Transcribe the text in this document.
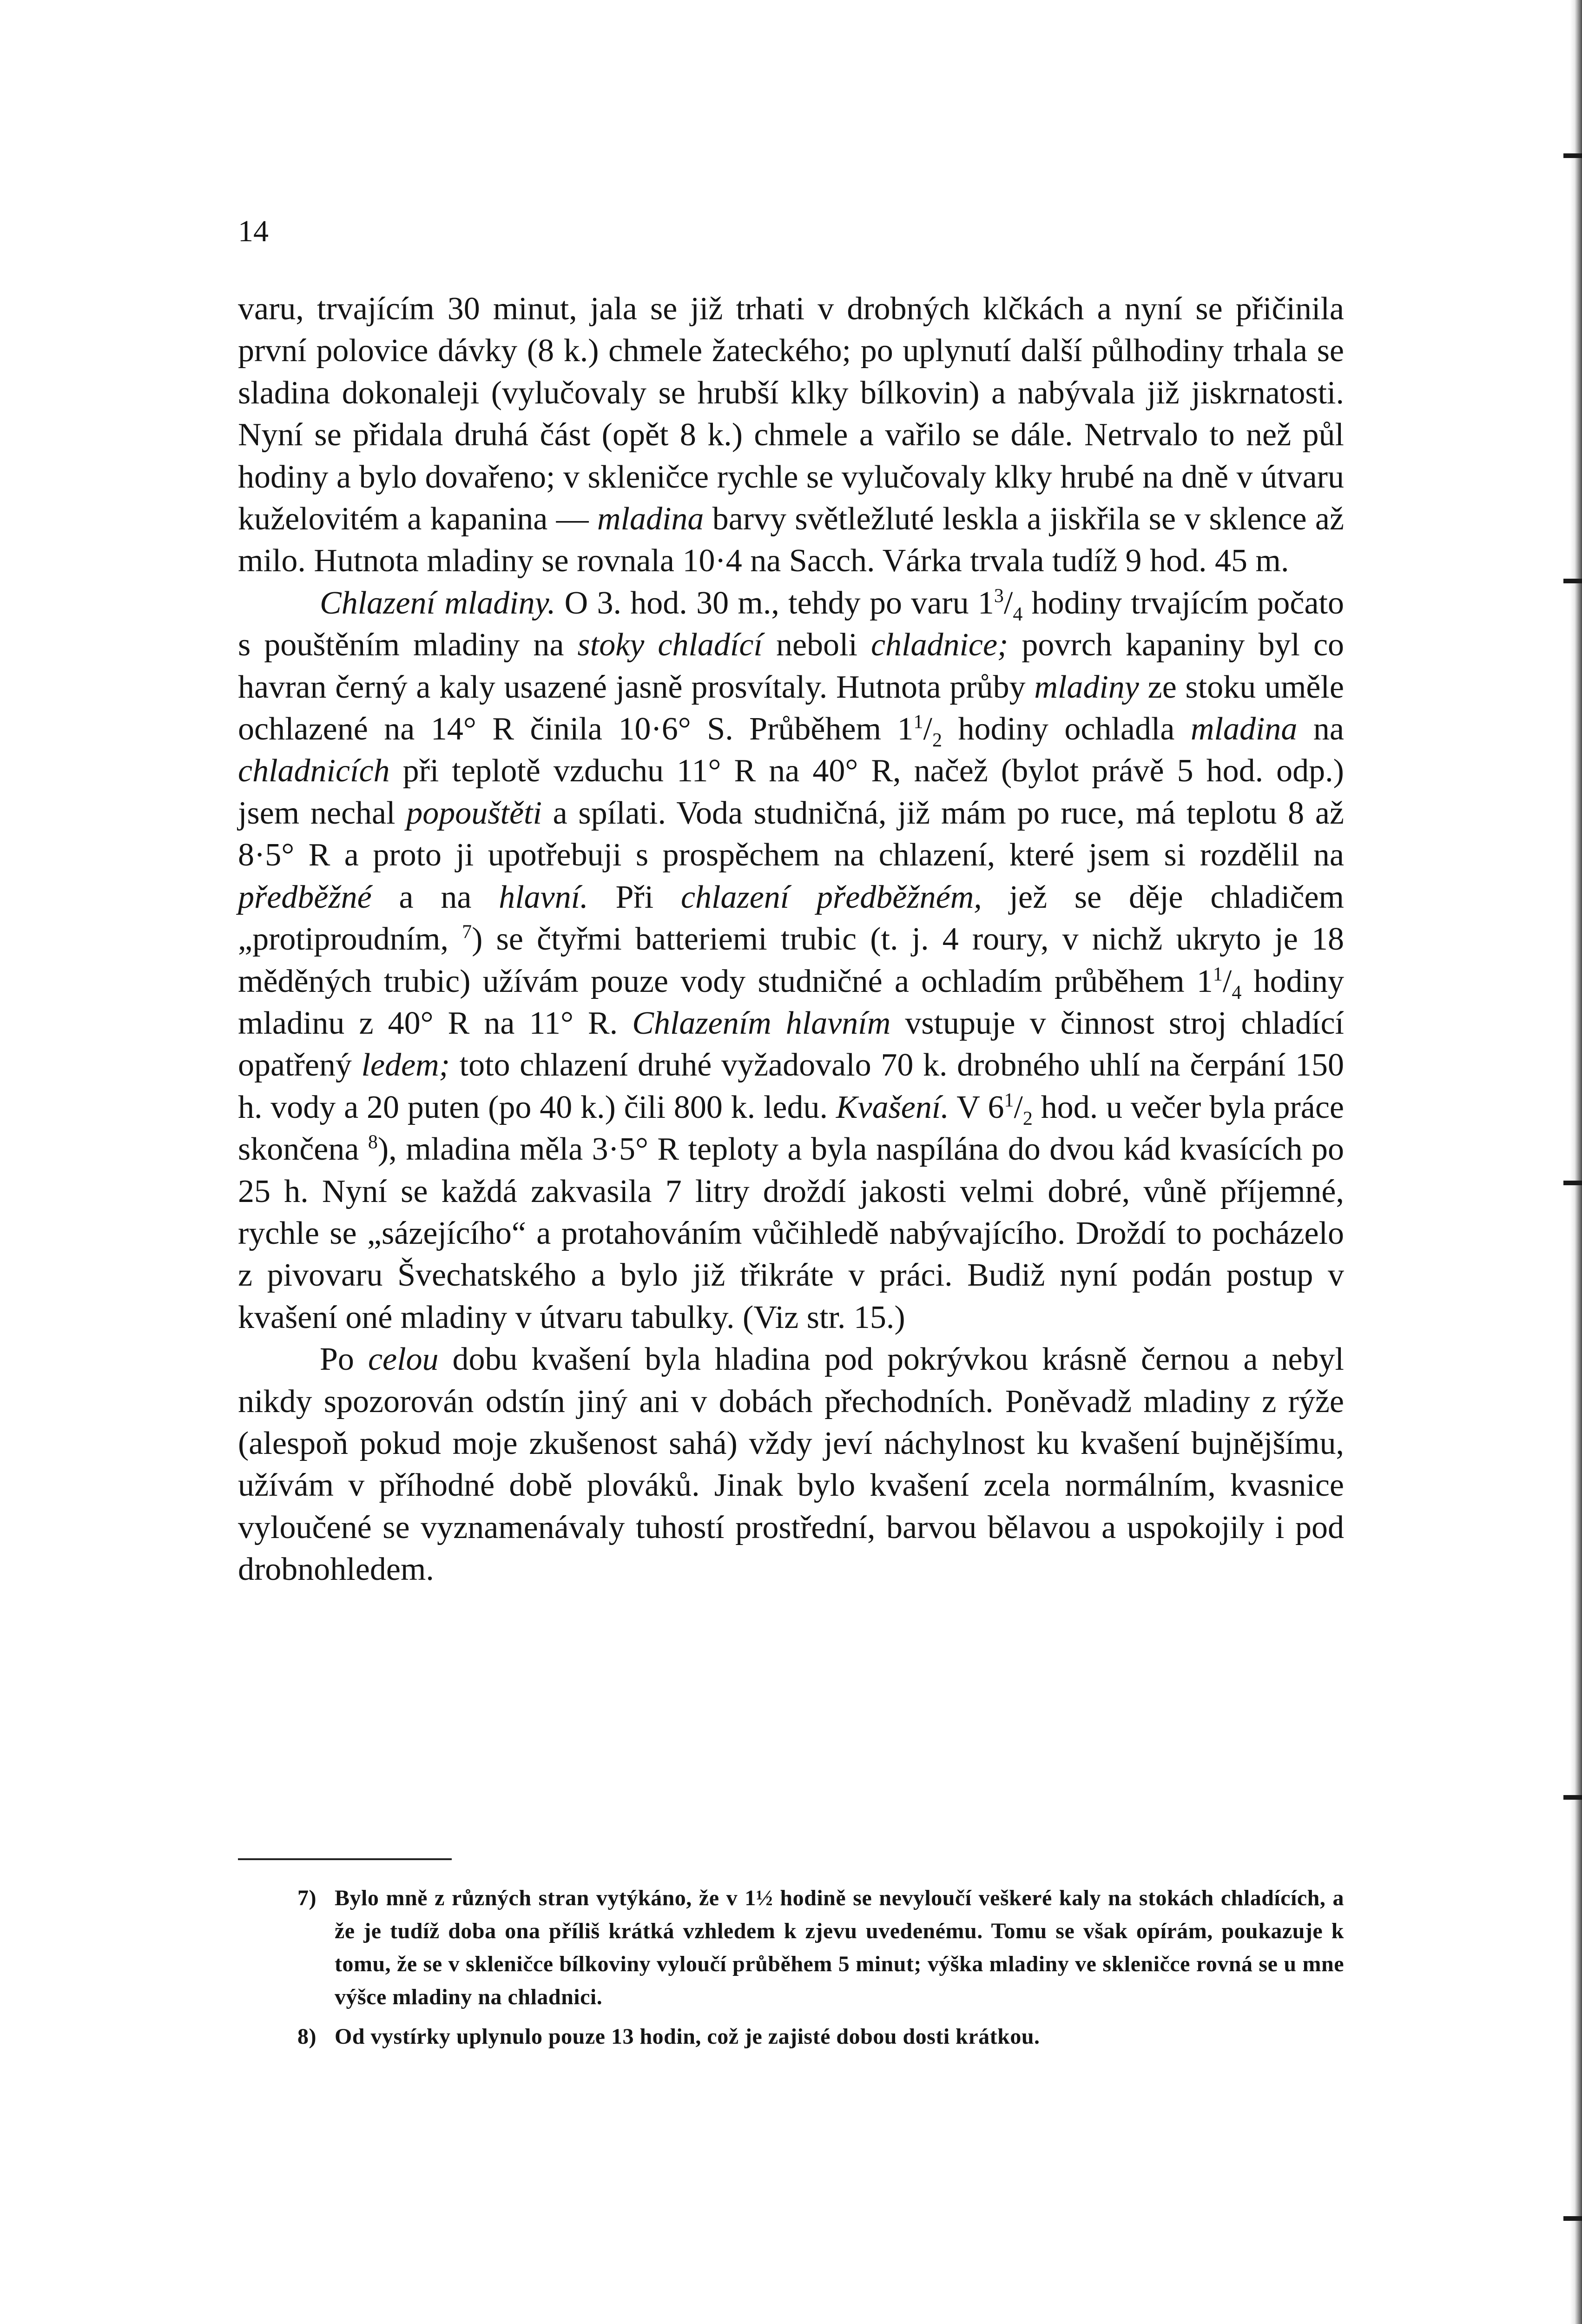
14

varu, trvajícím 30 minut, jala se již trhati v drobných klčkách a nyní se přičinila první polovice dávky (8 k.) chmele žateckého; po uplynutí další půlhodiny trhala se sladina dokonaleji (vylučovaly se hrubší klky bílkovin) a nabývala již jiskrnatosti. Nyní se přidala druhá část (opět 8 k.) chmele a vařilo se dále. Netrvalo to než půl hodiny a bylo dovařeno; v skleničce rychle se vylučovaly klky hrubé na dně v útvaru kuželovitém a kapanina — mladina barvy světležluté leskla a jiskřila se v sklence až milo. Hutnota mladiny se rovnala 10·4 na Sacch. Várka trvala tudíž 9 hod. 45 m.

Chlazení mladiny. O 3. hod. 30 m., tehdy po varu $1^3/_4$ hodiny trvajícím počato s pouštěním mladiny na stoky chladící neboli chladnice; povrch kapaniny byl co havran černý a kaly usazené jasně prosvítaly. Hutnota průby mladiny ze stoku uměle ochlazené na 14° R činila 10·6° S. Průběhem $1^1/_2$ hodiny ochladla mladina na chladnicích při teplotě vzduchu 11° R na 40° R, načež (bylot právě 5 hod. odp.) jsem nechal popouštěti a spílati. Voda studničná, již mám po ruce, má teplotu 8 až 8·5° R a proto ji upotřebuji s prospěchem na chlazení, které jsem si rozdělil na předběžné a na hlavní. Při chlazení předběžném, jež se děje chladičem „protiproudním, $^7$) se čtyřmi batteriemi trubic (t. j. 4 roury, v nichž ukryto je 18 měděných trubic) užívám pouze vody studničné a ochladím průběhem $1^1/_4$ hodiny mladinu z 40° R na 11° R. Chlazením hlavním vstupuje v činnost stroj chladící opatřený ledem; toto chlazení druhé vyžadovalo 70 k. drobného uhlí na čerpání 150 h. vody a 20 puten (po 40 k.) čili 800 k. ledu. Kvašení. V $6^1/_2$ hod. u večer byla práce skončena $^8$), mladina měla 3·5° R teploty a byla naspílána do dvou kád kvasících po 25 h. Nyní se každá zakvasila 7 litry droždí jakosti velmi dobré, vůně příjemné, rychle se „sázejícího“ a protahováním vůčihledě nabývajícího. Droždí to pocházelo z pivovaru Švechatského a bylo již třikráte v práci. Budiž nyní podán postup v kvašení oné mladiny v útvaru tabulky. (Viz str. 15.)

Po celou dobu kvašení byla hladina pod pokrývkou krásně černou a nebyl nikdy spozorován odstín jiný ani v dobách přechodních. Poněvadž mladiny z rýže (alespoň pokud moje zkušenost sahá) vždy jeví náchylnost ku kvašení bujnějšímu, užívám v příhodné době plováků. Jinak bylo kvašení zcela normálním, kvasnice vyloučené se vyznamenávaly tuhostí prostřední, barvou bělavou a uspokojily i pod drobnohledem.

7) Bylo mně z různých stran vytýkáno, že v 1½ hodině se nevyloučí veškeré kaly na stokách chladících, a že je tudíž doba ona příliš krátká vzhledem k zjevu uvedenému. Tomu se však opírám, poukazuje k tomu, že se v skleničce bílkoviny vyloučí průběhem 5 minut; výška mladiny ve skleničce rovná se u mne výšce mladiny na chladnici.

8) Od vystírky uplynulo pouze 13 hodin, což je zajisté dobou dosti krátkou.
